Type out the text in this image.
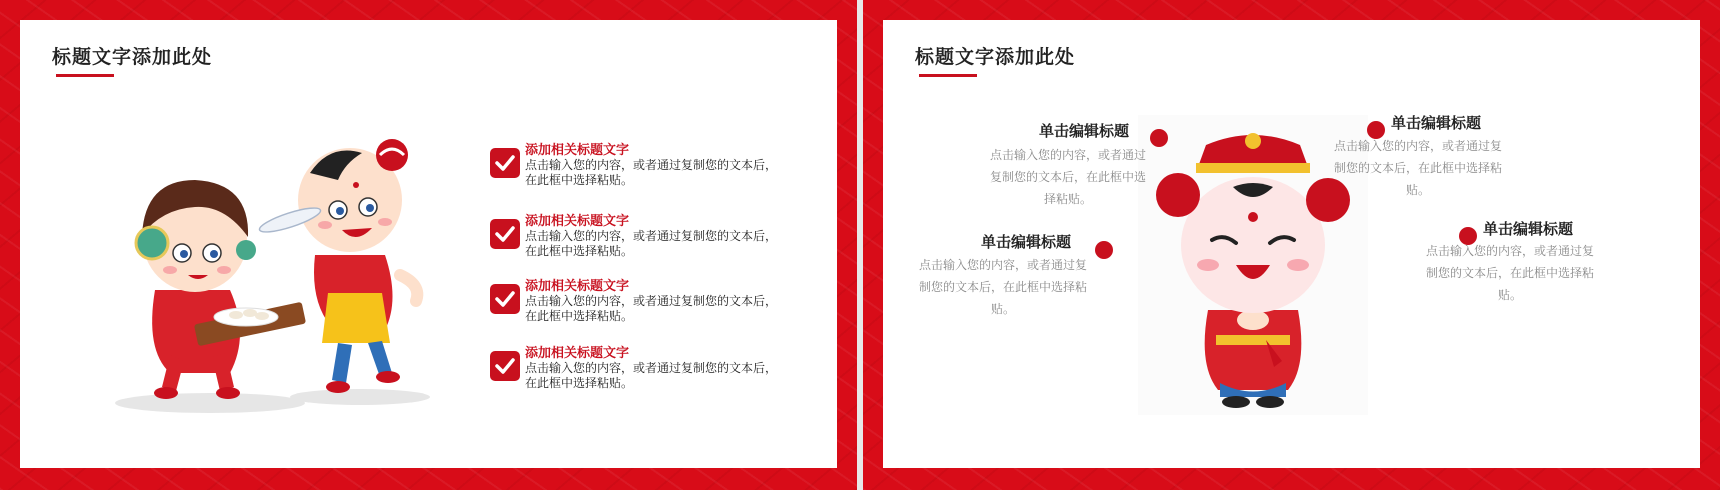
标题文字添加此处
添加相关标题文字
点击输入您的内容，或者通过复制您的文本后，
在此框中选择粘贴。
添加相关标题文字
点击输入您的内容，或者通过复制您的文本后，
在此框中选择粘贴。
添加相关标题文字
点击输入您的内容，或者通过复制您的文本后，
在此框中选择粘贴。
添加相关标题文字
点击输入您的内容，或者通过复制您的文本后，
在此框中选择粘贴。
标题文字添加此处
单击编辑标题
点击输入您的内容，或者通过
复制您的文本后，在此框中选
择粘贴。
单击编辑标题
点击输入您的内容，或者通过复
制您的文本后，在此框中选择粘
贴。
单击编辑标题
点击输入您的内容，或者通过复
制您的文本后，在此框中选择粘
贴。
单击编辑标题
点击输入您的内容，或者通过复
制您的文本后，在此框中选择粘
贴。
